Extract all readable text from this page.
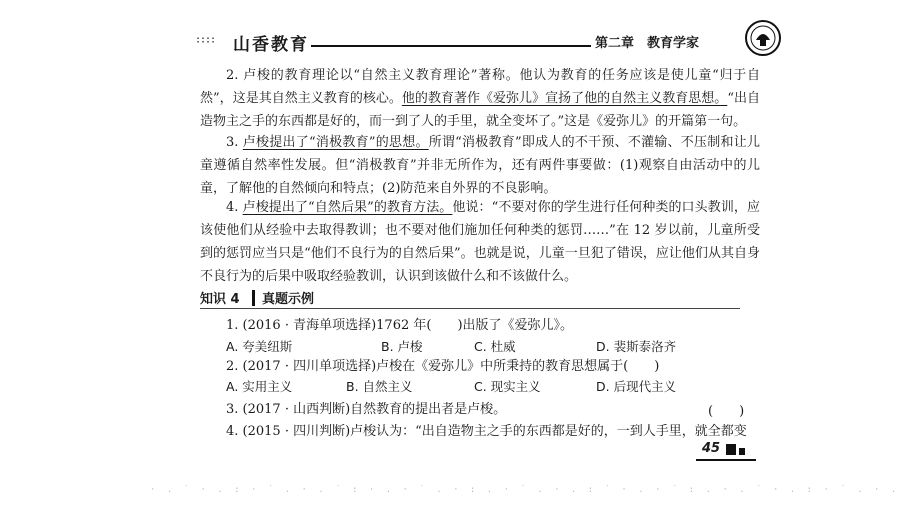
∶∶∶∶ 山香教育	第二章　教育学家
2. 卢梭的教育理论以“自然主义教育理论”著称。他认为教育的任务应该是使儿童“归于自然”，这是其自然主义教育的核心。他的教育著作《爱弥儿》宣扬了他的自然主义教育思想。“出自造物主之手的东西都是好的，而一到了人的手里，就全变坏了。”这是《爱弥儿》的开篇第一句。
3. 卢梭提出了“消极教育”的思想。所谓“消极教育”即成人的不干预、不灌输、不压制和让儿童遵循自然率性发展。但“消极教育”并非无所作为，还有两件事要做：(1)观察自由活动中的儿童，了解他的自然倾向和特点；(2)防范来自外界的不良影响。
4. 卢梭提出了“自然后果”的教育方法。他说：“不要对你的学生进行任何种类的口头教训，应该使他们从经验中去取得教训；也不要对他们施加任何种类的惩罚……”在 12 岁以前，儿童所受到的惩罚应当只是“他们不良行为的自然后果”。也就是说，儿童一旦犯了错误，应让他们从其自身不良行为的后果中吸取经验教训，认识到该做什么和不该做什么。
知识 4 真题示例
1. (2016 · 青海单项选择)1762 年(　　)出版了《爱弥儿》。
A. 夸美纽斯	B. 卢梭	C. 杜威	D. 裴斯泰洛齐
2. (2017 · 四川单项选择)卢梭在《爱弥儿》中所秉持的教育思想属于(　　)
A. 实用主义	B. 自然主义	C. 现实主义	D. 后现代主义
3. (2017 · 山西判断)自然教育的提出者是卢梭。	(　　)
4. (2015 · 四川判断)卢梭认为：“出自造物主之手的东西都是好的，一到人手里，就全都变
45
· . ˙ · . : · ˙ . · . ˙ : · . · ˙ . · : . · ˙ . · . : ˙ · . · ˙ : . · . ˙ · . : · ˙ . · .
